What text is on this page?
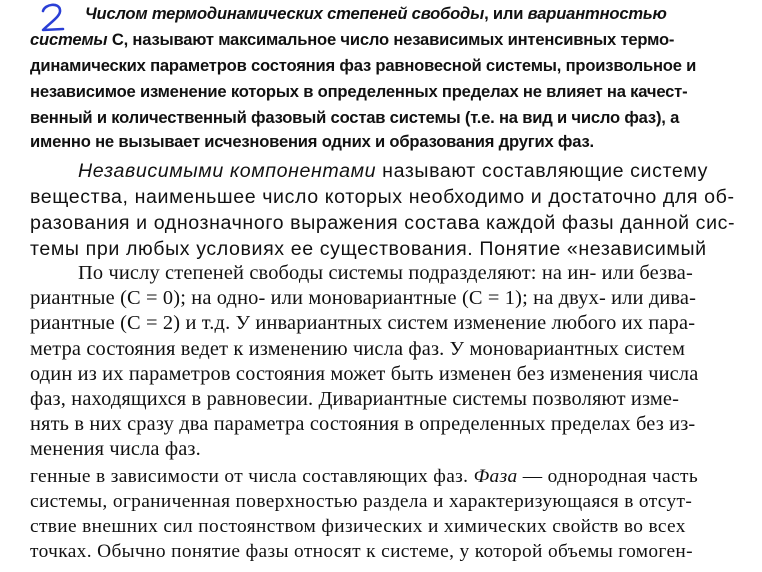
Числом термодинамических степеней свободы, или вариантностью
системы С, называют максимальное число независимых интенсивных термо-
динамических параметров состояния фаз равновесной системы, произвольное и
независимое изменение которых в определенных пределах не влияет на качест-
венный и количественный фазовый состав системы (т.е. на вид и число фаз), а
именно не вызывает исчезновения одних и образования других фаз.
Независимыми компонентами называют составляющие систему
вещества, наименьшее число которых необходимо и достаточно для об-
разования и однозначного выражения состава каждой фазы данной сис-
темы при любых условиях ее существования. Понятие «независимый
По числу степеней свободы системы подразделяют: на ин- или безва-
риантные (С = 0); на одно- или моновариантные (С = 1); на двух- или дива-
риантные (С = 2) и т.д. У инвариантных систем изменение любого их пара-
метра состояния ведет к изменению числа фаз. У моновариантных систем
один из их параметров состояния может быть изменен без изменения числа
фаз, находящихся в равновесии. Дивариантные системы позволяют изме-
нять в них сразу два параметра состояния в определенных пределах без из-
менения числа фаз.
генные в зависимости от числа составляющих фаз. Фаза — однородная часть
системы, ограниченная поверхностью раздела и характеризующаяся в отсут-
ствие внешних сил постоянством физических и химических свойств во всех
точках. Обычно понятие фазы относят к системе, у которой объемы гомоген-
